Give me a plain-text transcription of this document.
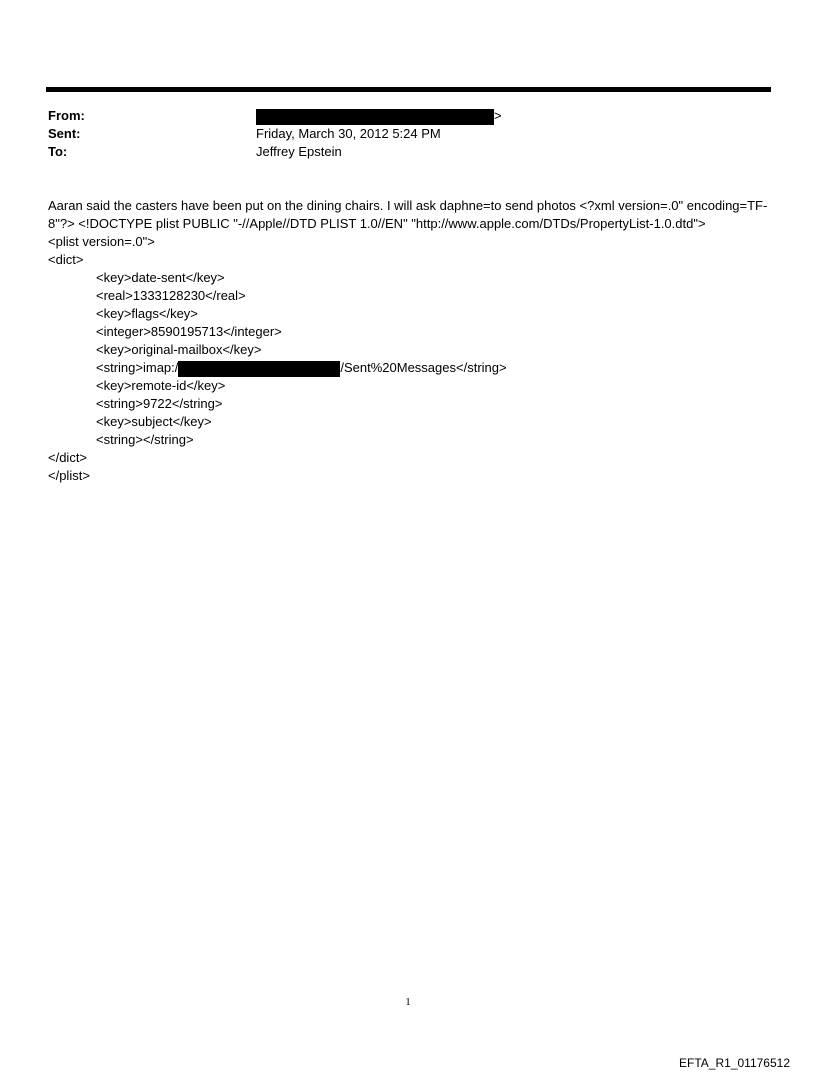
From:	>
Sent:	Friday, March 30, 2012 5:24 PM
To:	Jeffrey Epstein

Aaran said the casters have been put on the dining chairs. I will ask daphne=to send photos <?xml version=.0" encoding=TF-8"?> <!DOCTYPE plist PUBLIC "-//Apple//DTD PLIST 1.0//EN" "http://www.apple.com/DTDs/PropertyList-1.0.dtd">

<plist version=.0">

<dict>

<key>date-sent</key>

<real>1333128230</real>

<key>flags</key>

<integer>8590195713</integer>

<key>original-mailbox</key>

<string>imap:/	/Sent%20Messages</string>

<key>remote-id</key>

<string>9722</string>

<key>subject</key>

<string></string>

</dict>

</plist>

1
EFTA_R1_01176512
